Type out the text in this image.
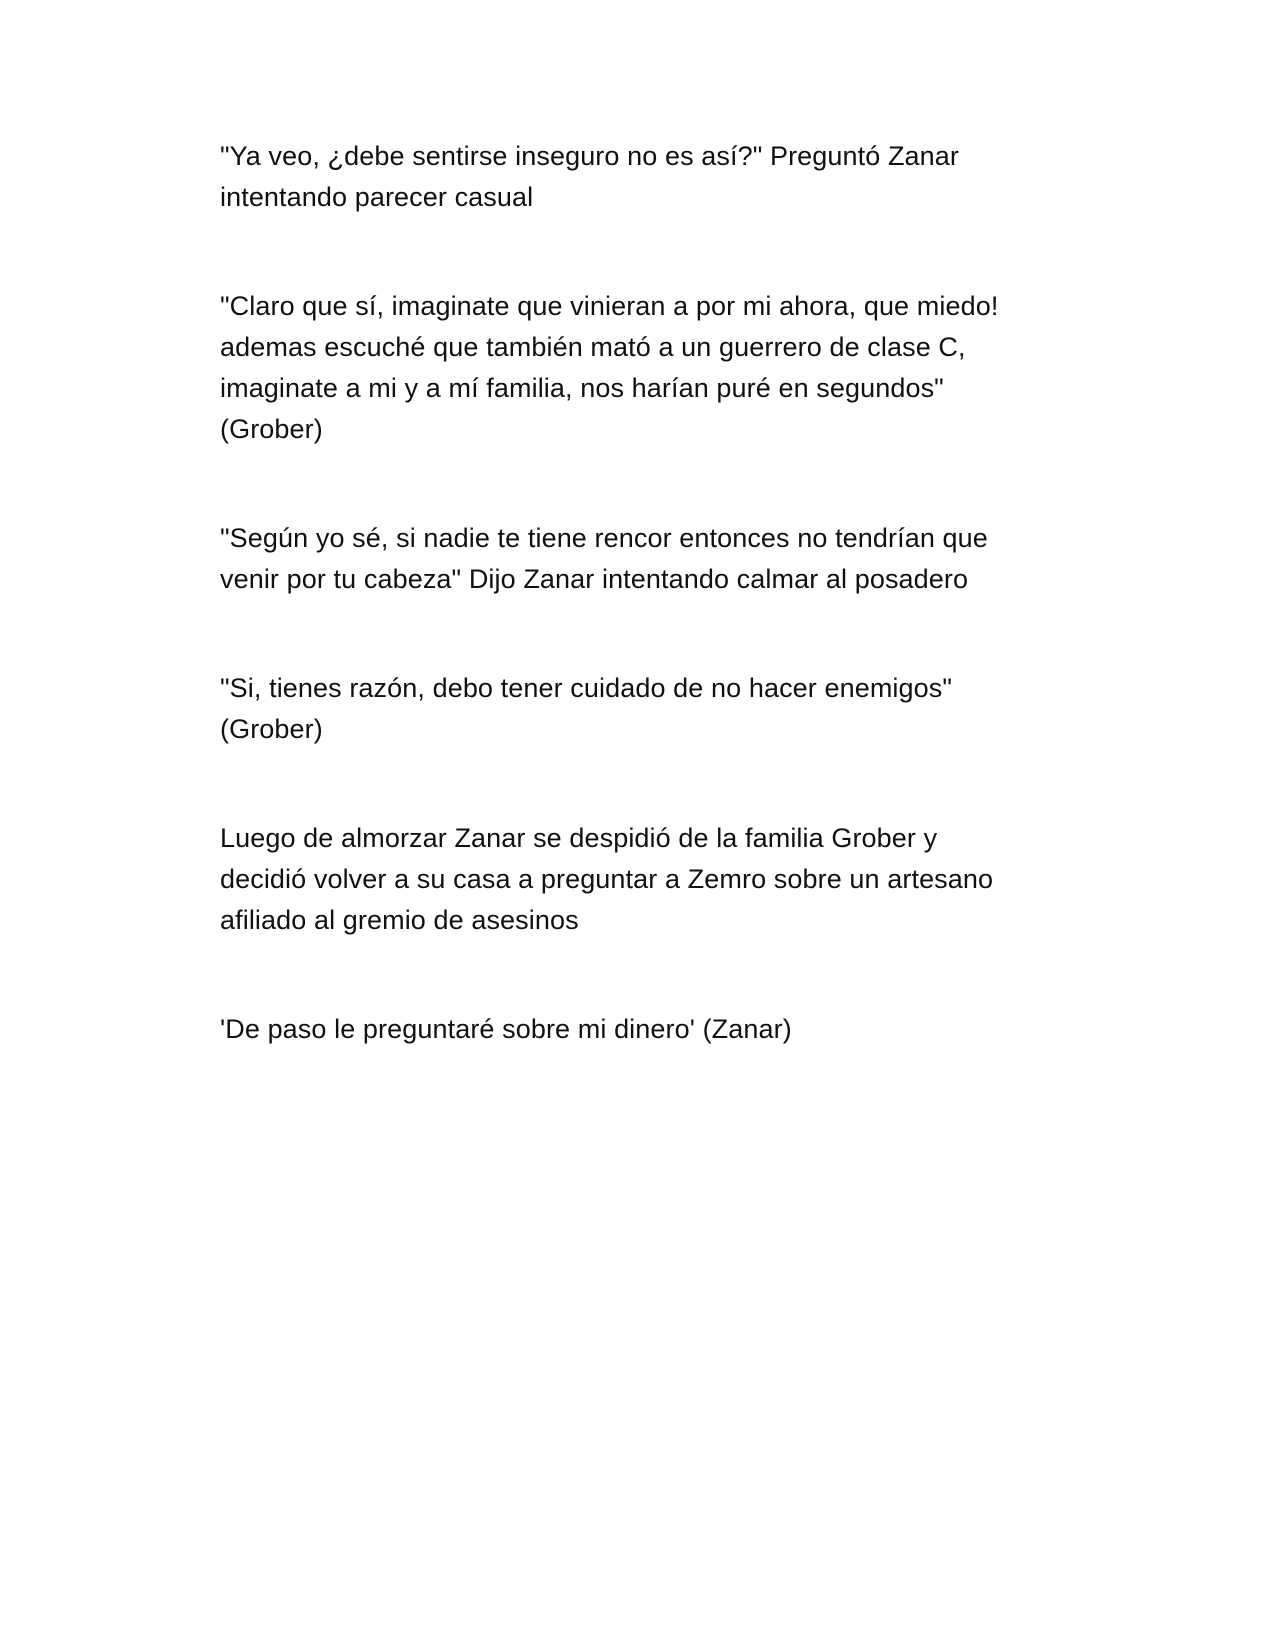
"Ya veo, ¿debe sentirse inseguro no es así?" Preguntó Zanar
intentando parecer casual

"Claro que sí, imaginate que vinieran a por mi ahora, que miedo!
ademas escuché que también mató a un guerrero de clase C,
imaginate a mi y a mí familia, nos harían puré en segundos"
(Grober)

"Según yo sé, si nadie te tiene rencor entonces no tendrían que
venir por tu cabeza" Dijo Zanar intentando calmar al posadero

"Si, tienes razón, debo tener cuidado de no hacer enemigos"
(Grober)

Luego de almorzar Zanar se despidió de la familia Grober y
decidió volver a su casa a preguntar a Zemro sobre un artesano
afiliado al gremio de asesinos

'De paso le preguntaré sobre mi dinero' (Zanar)
